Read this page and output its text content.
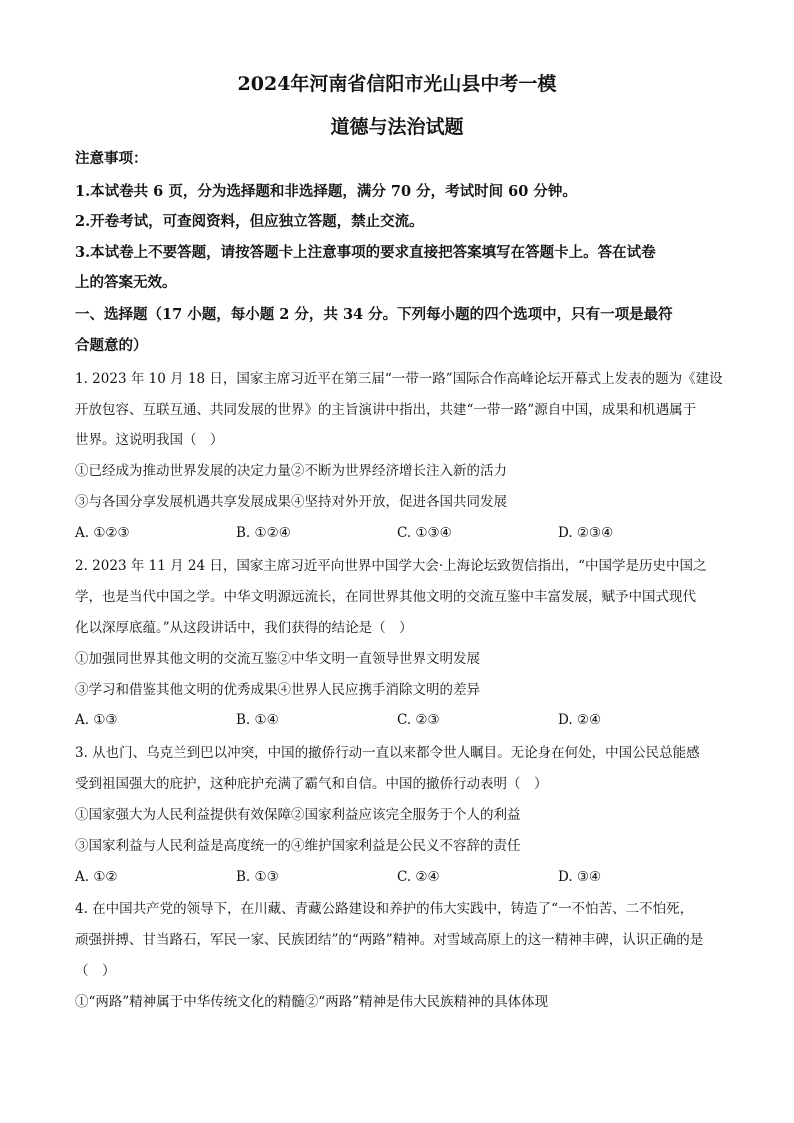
2024年河南省信阳市光山县中考一模
道德与法治试题
注意事项：
1.本试卷共 6 页，分为选择题和非选择题，满分 70 分，考试时间 60 分钟。
2.开卷考试，可查阅资料，但应独立答题，禁止交流。
3.本试卷上不要答题，请按答题卡上注意事项的要求直接把答案填写在答题卡上。答在试卷
上的答案无效。
一、选择题（17 小题，每小题 2 分，共 34 分。下列每小题的四个选项中，只有一项是最符
合题意的）
1. 2023 年 10 月 18 日，国家主席习近平在第三届“一带一路”国际合作高峰论坛开幕式上发表的题为《建设
开放包容、互联互通、共同发展的世界》的主旨演讲中指出，共建“一带一路”源自中国，成果和机遇属于
世界。这说明我国（　）
①已经成为推动世界发展的决定力量②不断为世界经济增长注入新的活力
③与各国分享发展机遇共享发展成果④坚持对外开放，促进各国共同发展
A. ①②③	B. ①②④	C. ①③④	D. ②③④
2. 2023 年 11 月 24 日，国家主席习近平向世界中国学大会·上海论坛致贺信指出，“中国学是历史中国之
学，也是当代中国之学。中华文明源远流长，在同世界其他文明的交流互鉴中丰富发展，赋予中国式现代
化以深厚底蕴。”从这段讲话中，我们获得的结论是（　）
①加强同世界其他文明的交流互鉴②中华文明一直领导世界文明发展
③学习和借鉴其他文明的优秀成果④世界人民应携手消除文明的差异
A. ①③	B. ①④	C. ②③	D. ②④
3. 从也门、乌克兰到巴以冲突，中国的撤侨行动一直以来都令世人瞩目。无论身在何处，中国公民总能感
受到祖国强大的庇护，这种庇护充满了霸气和自信。中国的撤侨行动表明（　）
①国家强大为人民利益提供有效保障②国家利益应该完全服务于个人的利益
③国家利益与人民利益是高度统一的④维护国家利益是公民义不容辞的责任
A. ①②	B. ①③	C. ②④	D. ③④
4. 在中国共产党的领导下，在川藏、青藏公路建设和养护的伟大实践中，铸造了“一不怕苦、二不怕死，
顽强拼搏、甘当路石，军民一家、民族团结”的“两路”精神。对雪域高原上的这一精神丰碑，认识正确的是
（　）
①“两路”精神属于中华传统文化的精髓②“两路”精神是伟大民族精神的具体体现
